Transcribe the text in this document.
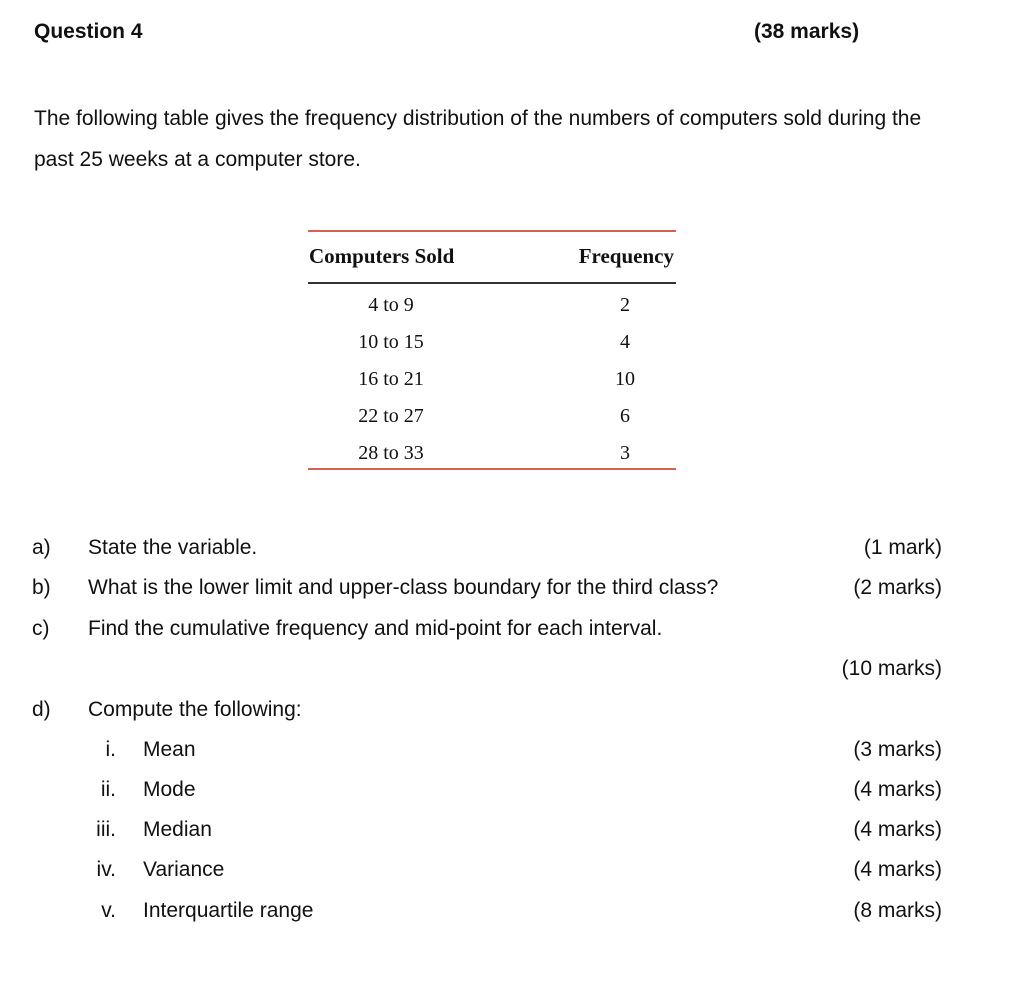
Question 4	(38 marks)
The following table gives the frequency distribution of the numbers of computers sold during the past 25 weeks at a computer store.
Computers Sold	Frequency
4 to 9	2
10 to 15	4
16 to 21	10
22 to 27	6
28 to 33	3
a) State the variable.	(1 mark)
b) What is the lower limit and upper-class boundary for the third class?	(2 marks)
c) Find the cumulative frequency and mid-point for each interval.
(10 marks)
d) Compute the following:
i. Mean	(3 marks)
ii. Mode	(4 marks)
iii. Median	(4 marks)
iv. Variance	(4 marks)
v. Interquartile range	(8 marks)
